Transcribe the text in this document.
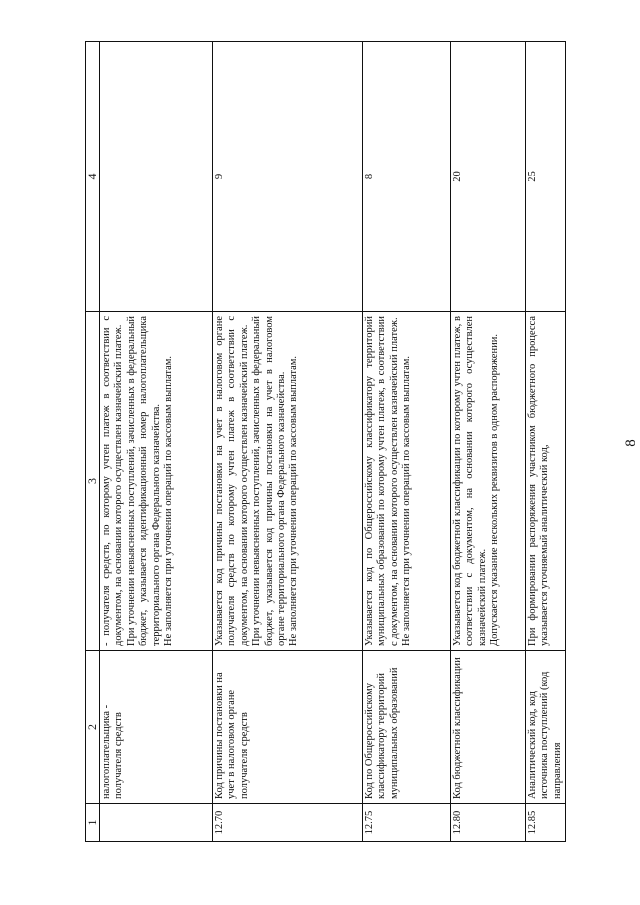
8
1	2	3	4
	налогоплательщика - получателя средств	- получателя средств, по которому учтен платеж в соответствии с документом, на основании которого осуществлен казначейский платеж. При уточнении невыясненных поступлений, зачисленных в федеральный бюджет, указывается идентификационный номер налогоплательщика территориального органа Федерального казначейства. Не заполняется при уточнении операций по кассовым выплатам.	

12.70	Код причины постановки на учет в налоговом органе получателя средств	Указывается код причины постановки на учет в налоговом органе получателя средств по которому учтен платеж в соответствии с документом, на основании которого осуществлен казначейский платеж. При уточнении невыясненных поступлений, зачисленных в федеральный бюджет, указывается код причины постановки на учет в налоговом органе территориального органа Федерального казначейства. Не заполняется при уточнении операций по кассовым выплатам.	9
12.75	Код по Общероссийскому классификатору территорий муниципальных образований	Указывается код по Общероссийскому классификатору территорий муниципальных образований по которому учтен платеж, в соответствии с документом, на основании которого осуществлен казначейский платеж. Не заполняется при уточнении операций по кассовым выплатам.	8
12.80	Код бюджетной классификации	Указывается код бюджетной классификации по которому учтен платеж, в соответствии с документом, на основании которого осуществлен казначейский платеж. Допускается указание нескольких реквизитов в одном распоряжении.	20
12.85	Аналитический код, код источника поступлений (код направления	При формировании распоряжения участником бюджетного процесса указывается уточняемый аналитический код,	25
